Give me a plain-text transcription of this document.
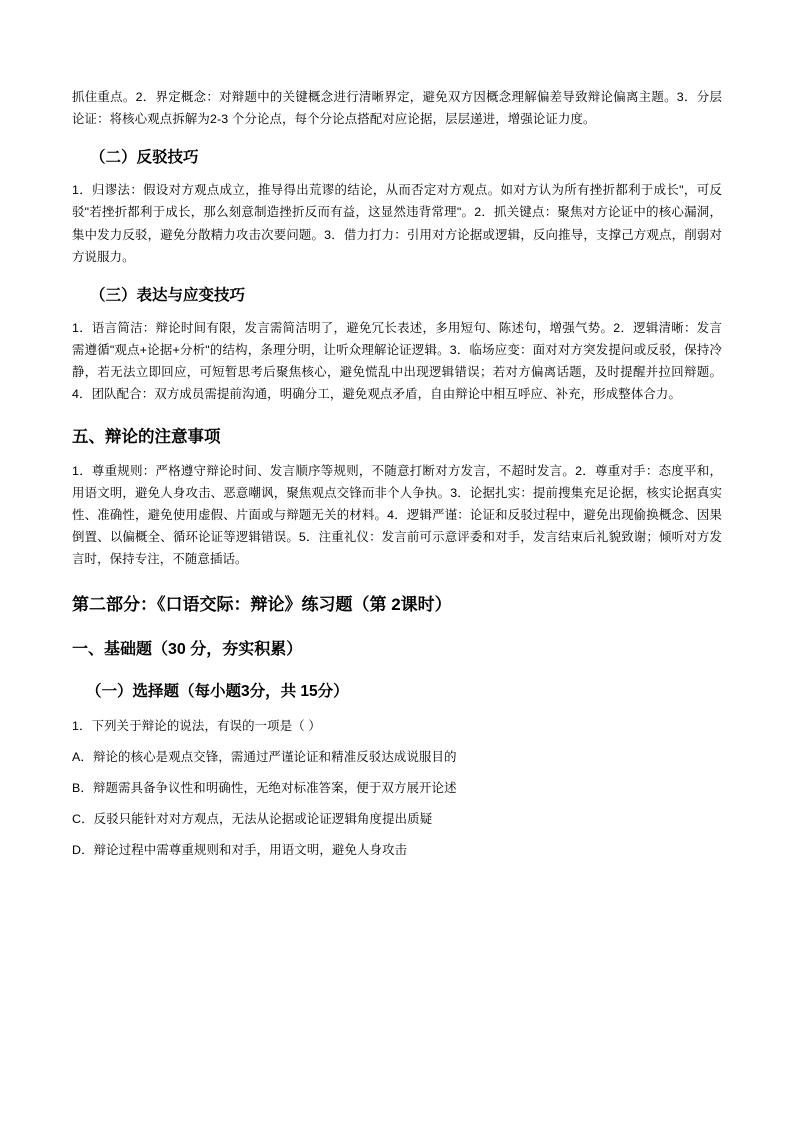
抓住重点。2．界定概念：对辩题中的关键概念进行清晰界定，避免双方因概念理解偏差导致辩论偏离主题。3．分层论证：将核心观点拆解为2-3 个分论点，每个分论点搭配对应论据，层层递进，增强论证力度。

（二）反驳技巧

1．归谬法：假设对方观点成立，推导得出荒谬的结论，从而否定对方观点。如对方认为所有挫折都利于成长"，可反驳"若挫折都利于成长，那么刻意制造挫折反而有益，这显然违背常理"。2．抓关键点：聚焦对方论证中的核心漏洞，集中发力反驳，避免分散精力攻击次要问题。3．借力打力：引用对方论据或逻辑，反向推导，支撑己方观点，削弱对方说服力。

（三）表达与应变技巧

1．语言简洁：辩论时间有限，发言需简洁明了，避免冗长表述，多用短句、陈述句，增强气势。2．逻辑清晰：发言需遵循"观点+论据+分析"的结构，条理分明，让听众理解论证逻辑。3．临场应变：面对对方突发提问或反驳，保持冷静，若无法立即回应，可短暂思考后聚焦核心，避免慌乱中出现逻辑错误；若对方偏离话题，及时提醒并拉回辩题。4．团队配合：双方成员需提前沟通，明确分工，避免观点矛盾，自由辩论中相互呼应、补充，形成整体合力。

五、辩论的注意事项

1．尊重规则：严格遵守辩论时间、发言顺序等规则，不随意打断对方发言，不超时发言。2．尊重对手：态度平和，用语文明，避免人身攻击、恶意嘲讽，聚焦观点交锋而非个人争执。3．论据扎实：提前搜集充足论据，核实论据真实性、准确性，避免使用虚假、片面或与辩题无关的材料。4．逻辑严谨：论证和反驳过程中，避免出现偷换概念、因果倒置、以偏概全、循环论证等逻辑错误。5．注重礼仪：发言前可示意评委和对手，发言结束后礼貌致谢；倾听对方发言时，保持专注，不随意插话。

第二部分：《口语交际：辩论》练习题（第 2课时）
一、基础题（30 分，夯实积累）
（一）选择题（每小题3分，共 15分）

1．下列关于辩论的说法，有误的一项是（ ）

A．辩论的核心是观点交锋，需通过严谨论证和精准反驳达成说服目的

B．辩题需具备争议性和明确性，无绝对标准答案，便于双方展开论述

C．反驳只能针对对方观点，无法从论据或论证逻辑角度提出质疑

D．辩论过程中需尊重规则和对手，用语文明，避免人身攻击
